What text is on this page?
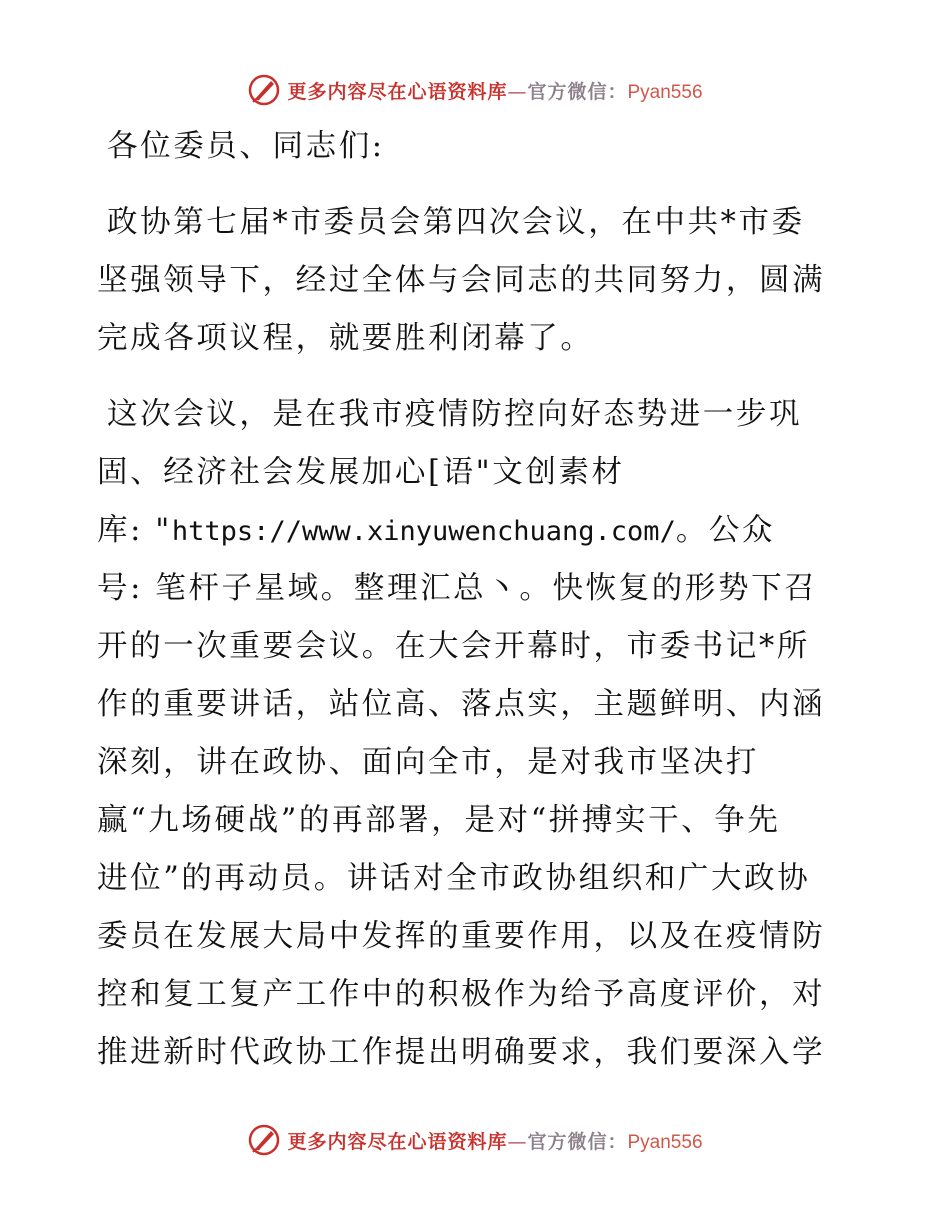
更多内容尽在心语资料库—官方微信：Pyan556
各位委员、同志们:
政协第七届*市委员会第四次会议，在中共*市委
坚强领导下，经过全体与会同志的共同努力，圆满
完成各项议程，就要胜利闭幕了。
这次会议，是在我市疫情防控向好态势进一步巩
固、经济社会发展加心[语"文创素材
库: "https://www.xinyuwenchuang.com/。公众
号: 笔杆子星域。整理汇总丶。快恢复的形势下召
开的一次重要会议。在大会开幕时，市委书记*所
作的重要讲话，站位高、落点实，主题鲜明、内涵
深刻，讲在政协、面向全市，是对我市坚决打
赢“九场硬战”的再部署，是对“拼搏实干、争先
进位”的再动员。讲话对全市政协组织和广大政协
委员在发展大局中发挥的重要作用，以及在疫情防
控和复工复产工作中的积极作为给予高度评价，对
推进新时代政协工作提出明确要求，我们要深入学
更多内容尽在心语资料库—官方微信：Pyan556
